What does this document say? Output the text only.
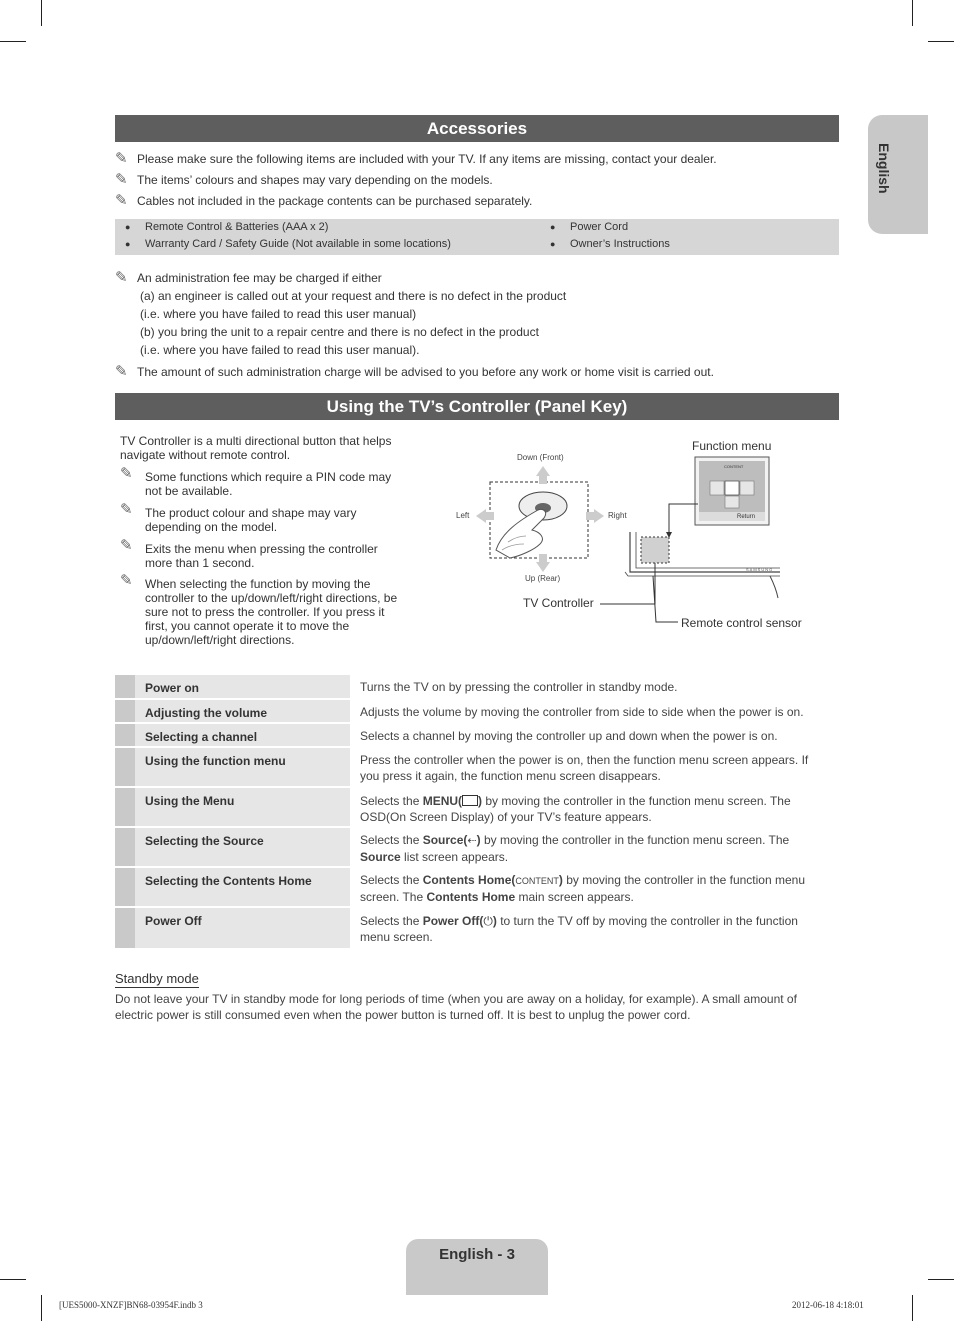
English
Accessories
✎ Please make sure the following items are included with your TV. If any items are missing, contact your dealer.
✎ The items’ colours and shapes may vary depending on the models.
✎ Cables not included in the package contents can be purchased separately.
● Remote Control & Batteries (AAA x 2)
● Warranty Card / Safety Guide (Not available in some locations)
● Power Cord
● Owner’s Instructions
✎ An administration fee may be charged if either
(a) an engineer is called out at your request and there is no defect in the product
(i.e. where you have failed to read this user manual)
(b) you bring the unit to a repair centre and there is no defect in the product
(i.e. where you have failed to read this user manual).
✎ The amount of such administration charge will be advised to you before any work or home visit is carried out.
Using the TV’s Controller (Panel Key)
TV Controller is a multi directional button that helps navigate without remote control.
✎	Some functions which require a PIN code may not be available.
✎	The product colour and shape may vary depending on the model.
✎	Exits the menu when pressing the controller more than 1 second.
✎	When selecting the function by moving the controller to the up/down/left/right directions, be sure not to press the controller. If you press it first, you cannot operate it to move the up/down/left/right directions.
Down (Front)
Up (Rear)
Left	Right
Function menu
CONTENT
Return
SAMSUNG
TV Controller
Remote control sensor
Power on	Turns the TV on by pressing the controller in standby mode.
Adjusting the volume	Adjusts the volume by moving the controller from side to side when the power is on.
Selecting a channel	Selects a channel by moving the controller up and down when the power is on.
Using the function menu	Press the controller when the power is on, then the function menu screen appears. If you press it again, the function menu screen disappears.
Using the Menu	Selects the MENU( ) by moving the controller in the function menu screen. The OSD(On Screen Display) of your TV’s feature appears.
Selecting the Source	Selects the Source(⇠) by moving the controller in the function menu screen. The Source list screen appears.
Selecting the Contents Home	Selects the Contents Home(CONTENT) by moving the controller in the function menu screen. The Contents Home main screen appears.
Power Off	Selects the Power Off(⏻) to turn the TV off by moving the controller in the function menu screen.
Standby mode
Do not leave your TV in standby mode for long periods of time (when you are away on a holiday, for example). A small amount of electric power is still consumed even when the power button is turned off. It is best to unplug the power cord.
English - 3
[UES5000-XNZF]BN68-03954F.indb 3	2012-06-18 4:18:01
